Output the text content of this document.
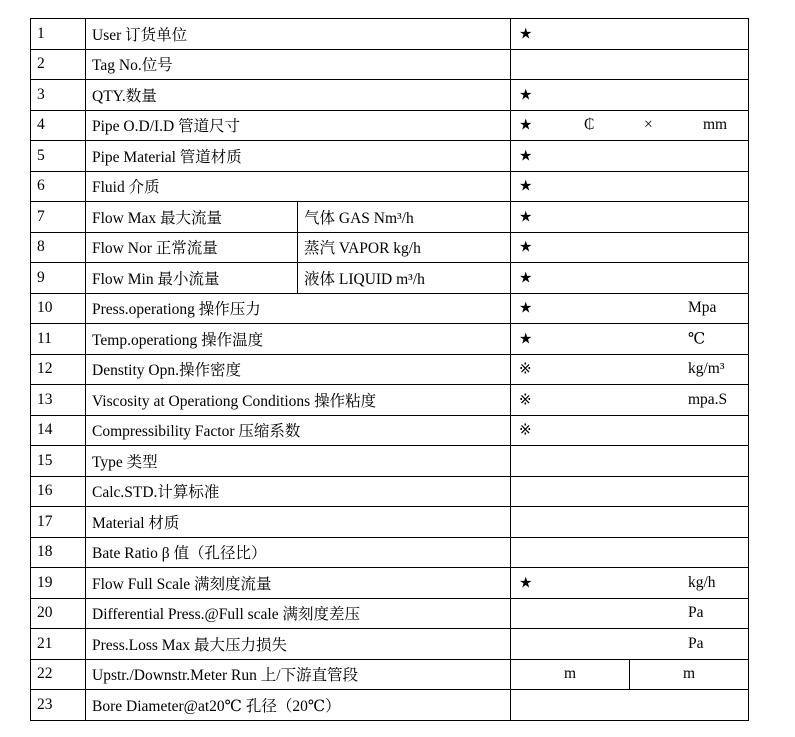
1	User 订货单位		★	

2	Tag No.位号			

3	QTY.数量		★	

4	Pipe O.D/I.D 管道尺寸		★ ₵ × mm	

5	Pipe Material 管道材质		★	

6	Fluid 介质		★	

7	Flow Max 最大流量	气体 GAS Nm³/h	★	

8	Flow Nor 正常流量	蒸汽 VAPOR kg/h	★	

9	Flow Min 最小流量	液体 LIQUID m³/h	★	

10	Press.operationg 操作压力		★ Mpa	

11	Temp.operationg 操作温度		★ ℃	

12	Denstity Opn.操作密度		※ kg/m³	

13	Viscosity at Operationg Conditions 操作粘度		※ mpa.S	

14	Compressibility Factor 压缩系数		※	

15	Type 类型			

16	Calc.STD.计算标准			

17	Material 材质			

18	Bate Ratio β 值（孔径比）			

19	Flow Full Scale 满刻度流量		★ kg/h	

20	Differential Press.@Full scale 满刻度差压		Pa	

21	Press.Loss Max 最大压力损失		Pa	

22	Upstr./Downstr.Meter Run 上/下游直管段		m	m
23	Bore Diameter@at20℃ 孔径（20℃）			
